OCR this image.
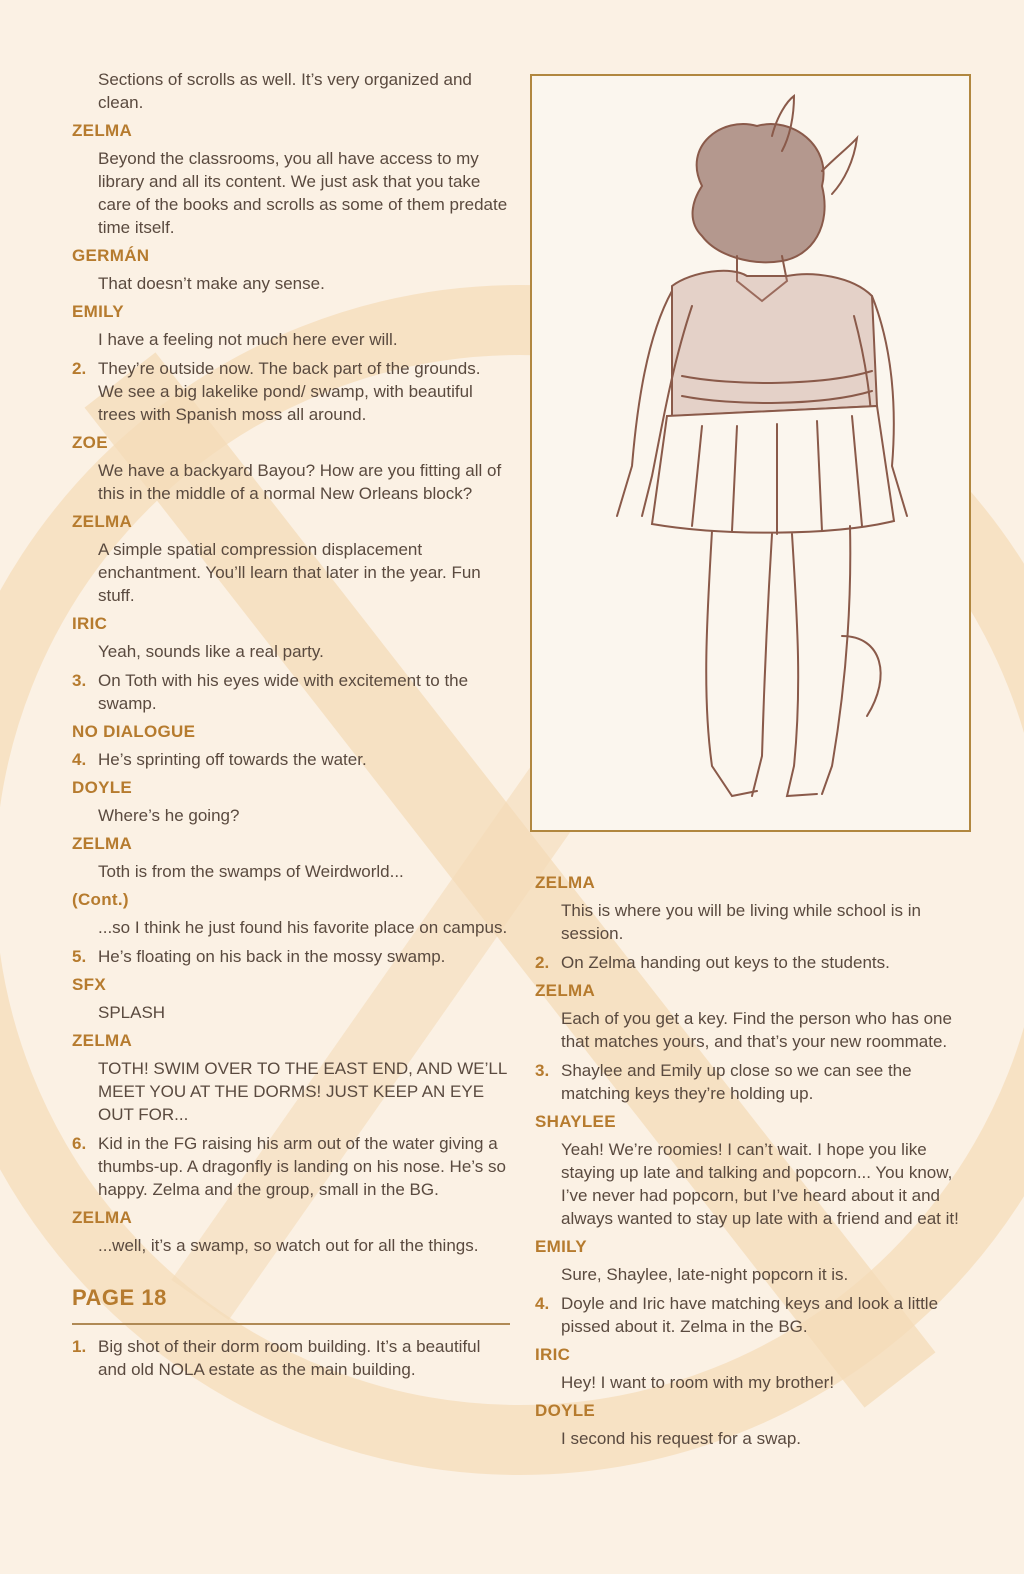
Sections of scrolls as well. It’s very organized and clean.
ZELMA
Beyond the classrooms, you all have access to my library and all its content. We just ask that you take care of the books and scrolls as some of them predate time itself.
GERMÁN
That doesn’t make any sense.
EMILY
I have a feeling not much here ever will.
2. They’re outside now. The back part of the grounds. We see a big lakelike pond/ swamp, with beautiful trees with Spanish moss all around.
ZOE
We have a backyard Bayou? How are you fitting all of this in the middle of a normal New Orleans block?
ZELMA
A simple spatial compression displacement enchantment. You’ll learn that later in the year. Fun stuff.
IRIC
Yeah, sounds like a real party.
3. On Toth with his eyes wide with excitement to the swamp.
NO DIALOGUE
4. He’s sprinting off towards the water.
DOYLE
Where’s he going?
ZELMA
Toth is from the swamps of Weirdworld...
(Cont.)
...so I think he just found his favorite place on campus.
5. He’s floating on his back in the mossy swamp.
SFX
SPLASH
ZELMA
TOTH! SWIM OVER TO THE EAST END, AND WE’LL MEET YOU AT THE DORMS! JUST KEEP AN EYE OUT FOR...
6. Kid in the FG raising his arm out of the water giving a thumbs-up. A dragonfly is landing on his nose. He’s so happy. Zelma and the group, small in the BG.
ZELMA
...well, it’s a swamp, so watch out for all the things.
PAGE 18
1. Big shot of their dorm room building. It’s a beautiful and old NOLA estate as the main building.
ZELMA
This is where you will be living while school is in session.
2. On Zelma handing out keys to the students.
ZELMA
Each of you get a key. Find the person who has one that matches yours, and that’s your new roommate.
3. Shaylee and Emily up close so we can see the matching keys they’re holding up.
SHAYLEE
Yeah! We’re roomies! I can’t wait. I hope you like staying up late and talking and popcorn... You know, I’ve never had popcorn, but I’ve heard about it and always wanted to stay up late with a friend and eat it!
EMILY
Sure, Shaylee, late-night popcorn it is.
4. Doyle and Iric have matching keys and look a little pissed about it. Zelma in the BG.
IRIC
Hey! I want to room with my brother!
DOYLE
I second his request for a swap.
